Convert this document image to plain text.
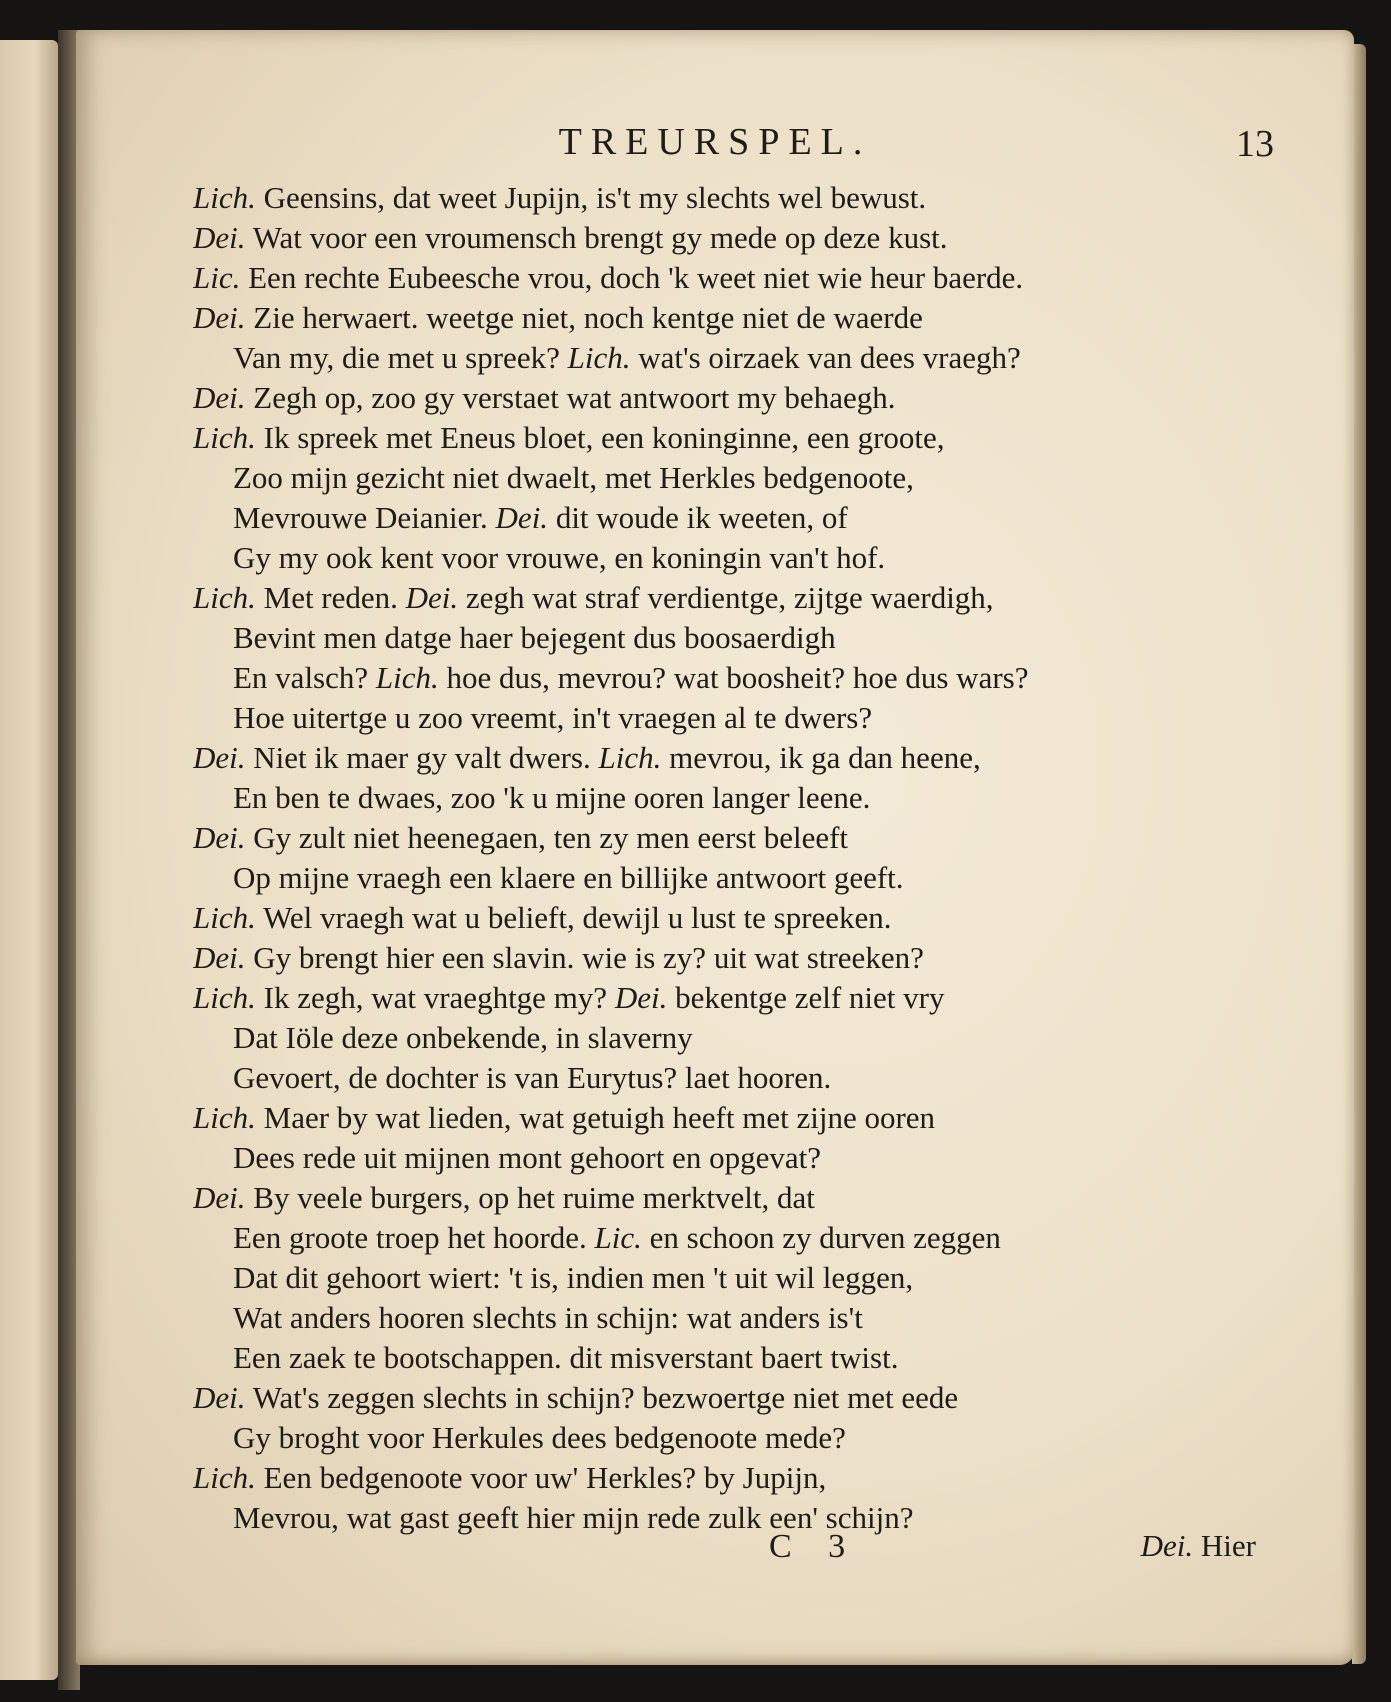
TREURSPEL.	13
Lich. Geensins, dat weet Jupijn, is't my slechts wel bewust.
Dei. Wat voor een vroumensch brengt gy mede op deze kust.
Lic. Een rechte Eubeesche vrou, doch 'k weet niet wie heur baerde.
Dei. Zie herwaert. weetge niet, noch kentge niet de waerde
Van my, die met u spreek? Lich. wat's oirzaek van dees vraegh?
Dei. Zegh op, zoo gy verstaet wat antwoort my behaegh.
Lich. Ik spreek met Eneus bloet, een koninginne, een groote,
Zoo mijn gezicht niet dwaelt, met Herkles bedgenoote,
Mevrouwe Deianier. Dei. dit woude ik weeten, of
Gy my ook kent voor vrouwe, en koningin van't hof.
Lich. Met reden. Dei. zegh wat straf verdientge, zijtge waerdigh,
Bevint men datge haer bejegent dus boosaerdigh
En valsch? Lich. hoe dus, mevrou? wat boosheit? hoe dus wars?
Hoe uitertge u zoo vreemt, in't vraegen al te dwers?
Dei. Niet ik maer gy valt dwers. Lich. mevrou, ik ga dan heene,
En ben te dwaes, zoo 'k u mijne ooren langer leene.
Dei. Gy zult niet heenegaen, ten zy men eerst beleeft
Op mijne vraegh een klaere en billijke antwoort geeft.
Lich. Wel vraegh wat u belieft, dewijl u lust te spreeken.
Dei. Gy brengt hier een slavin. wie is zy? uit wat streeken?
Lich. Ik zegh, wat vraeghtge my? Dei. bekentge zelf niet vry
Dat Iöle deze onbekende, in slaverny
Gevoert, de dochter is van Eurytus? laet hooren.
Lich. Maer by wat lieden, wat getuigh heeft met zijne ooren
Dees rede uit mijnen mont gehoort en opgevat?
Dei. By veele burgers, op het ruime merktvelt, dat
Een groote troep het hoorde. Lic. en schoon zy durven zeggen
Dat dit gehoort wiert: 't is, indien men 't uit wil leggen,
Wat anders hooren slechts in schijn: wat anders is't
Een zaek te bootschappen. dit misverstant baert twist.
Dei. Wat's zeggen slechts in schijn? bezwoertge niet met eede
Gy broght voor Herkules dees bedgenoote mede?
Lich. Een bedgenoote voor uw' Herkles? by Jupijn,
Mevrou, wat gast geeft hier mijn rede zulk een' schijn?
C 3	Dei. Hier
